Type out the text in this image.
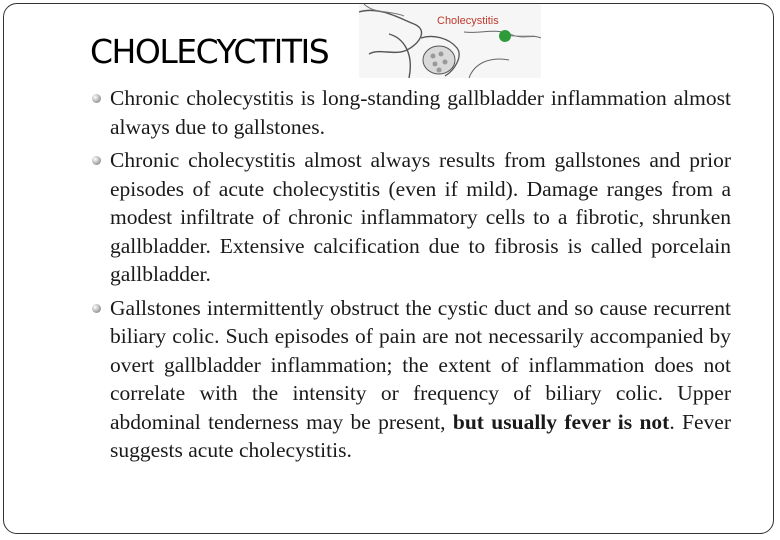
Cholecystitis
CHOLECYCTITIS
Chronic cholecystitis is long-standing gallbladder inflammation almost always due to gallstones.
Chronic cholecystitis almost always results from gallstones and prior episodes of acute cholecystitis (even if mild). Damage ranges from a modest infiltrate of chronic inflammatory cells to a fibrotic, shrunken gallbladder. Extensive calcification due to fibrosis is called porcelain gallbladder.
Gallstones intermittently obstruct the cystic duct and so cause recurrent biliary colic. Such episodes of pain are not necessarily accompanied by overt gallbladder inflammation; the extent of inflammation does not correlate with the intensity or frequency of biliary colic. Upper abdominal tenderness may be present, but usually fever is not. Fever suggests acute cholecystitis.
